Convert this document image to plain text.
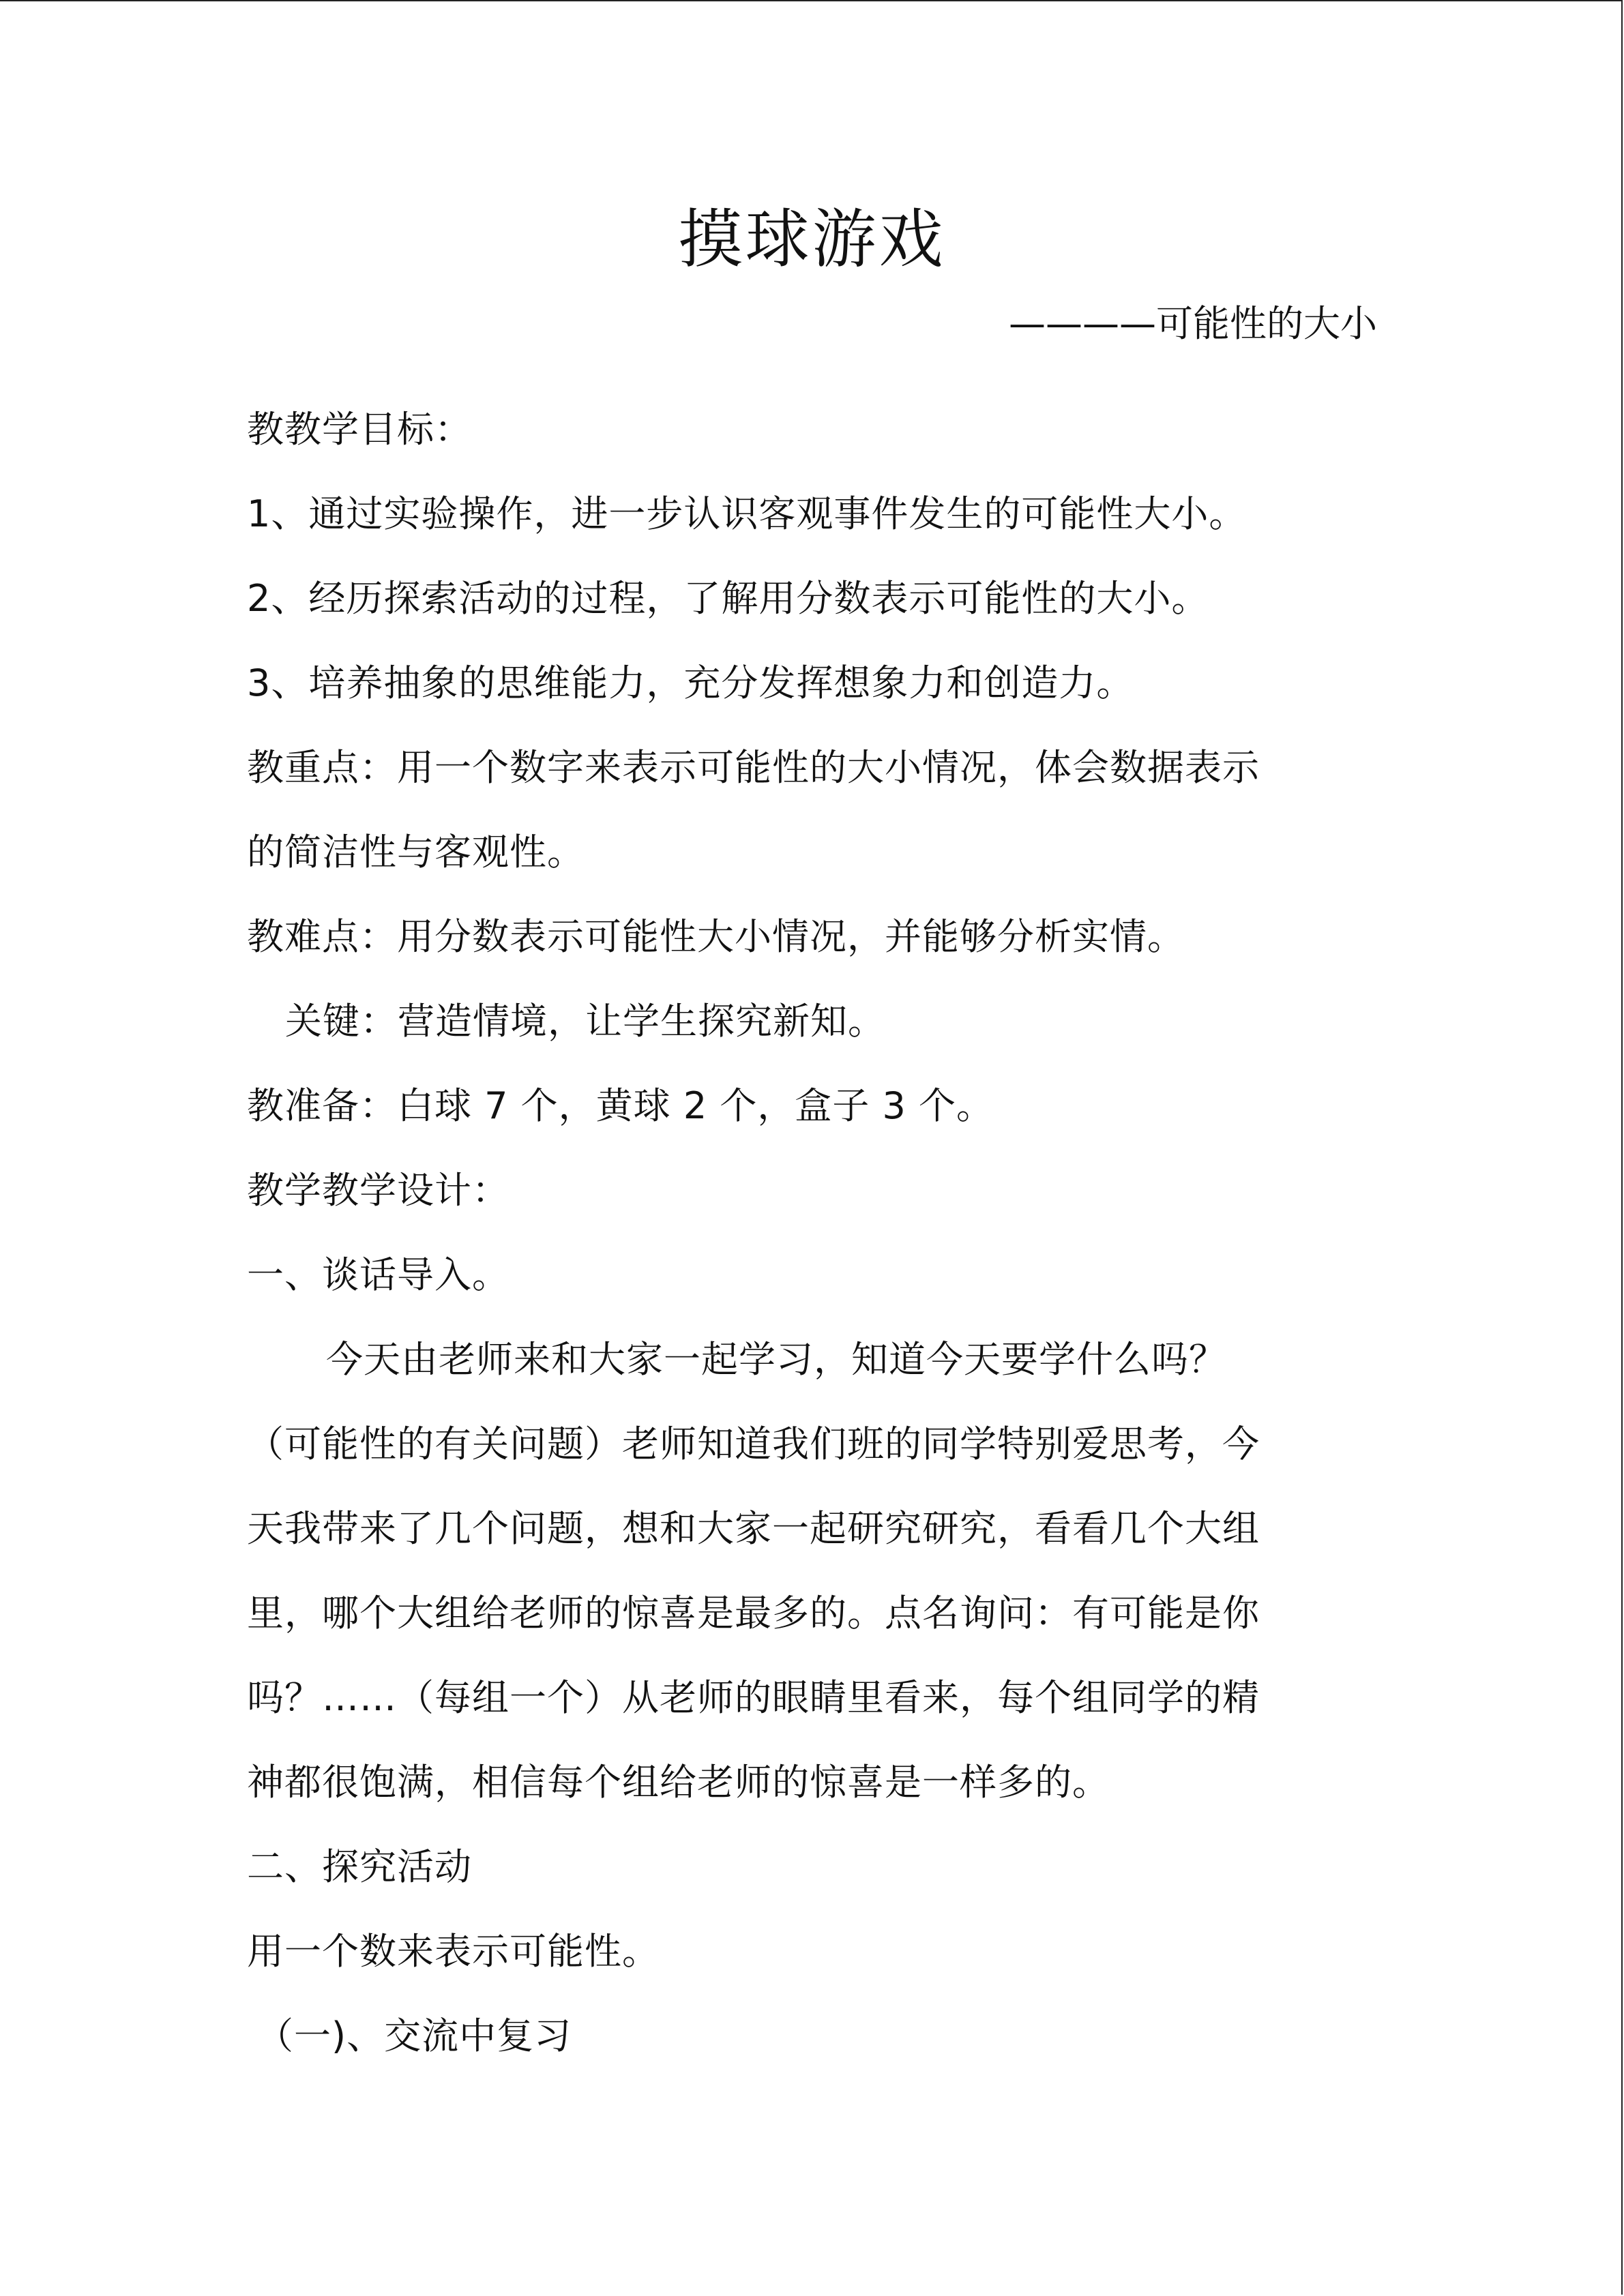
摸球游戏
————可能性的大小
教教学目标：
1、通过实验操作，进一步认识客观事件发生的可能性大小。
2、经历探索活动的过程，了解用分数表示可能性的大小。
3、培养抽象的思维能力，充分发挥想象力和创造力。
教重点：用一个数字来表示可能性的大小情况，体会数据表示
的简洁性与客观性。
教难点：用分数表示可能性大小情况，并能够分析实情。
关键：营造情境，让学生探究新知。
教准备：白球 7 个，黄球 2 个，盒子 3 个。
教学教学设计：
一、谈话导入。
今天由老师来和大家一起学习，知道今天要学什么吗？
（可能性的有关问题）老师知道我们班的同学特别爱思考，今
天我带来了几个问题，想和大家一起研究研究，看看几个大组
里，哪个大组给老师的惊喜是最多的。点名询问：有可能是你
吗？……（每组一个）从老师的眼睛里看来，每个组同学的精
神都很饱满，相信每个组给老师的惊喜是一样多的。
二、探究活动
用一个数来表示可能性。
（一)、交流中复习
